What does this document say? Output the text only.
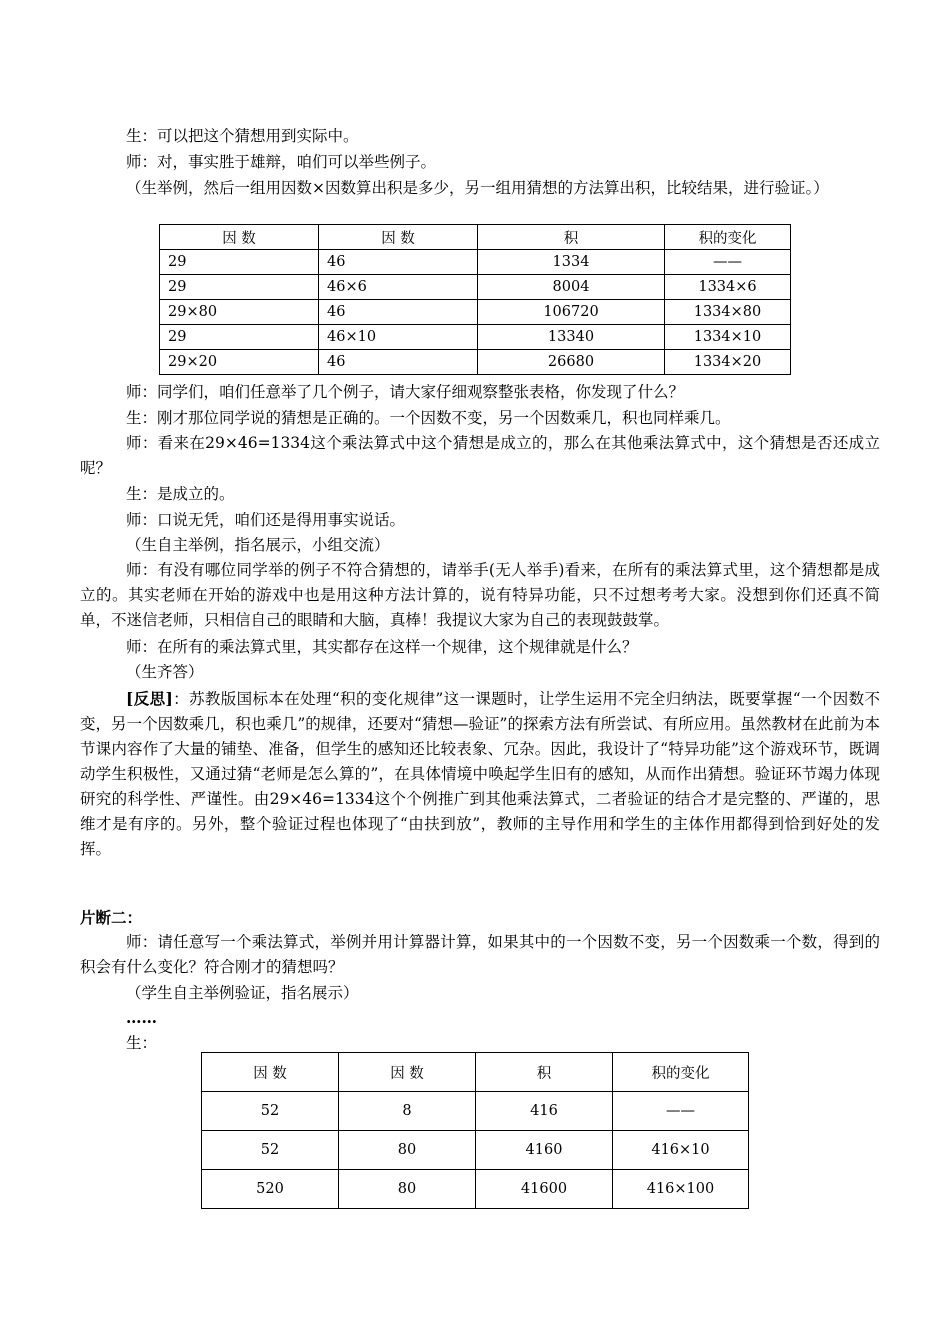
生：可以把这个猜想用到实际中。

师：对，事实胜于雄辩，咱们可以举些例子。

（生举例，然后一组用因数×因数算出积是多少，另一组用猜想的方法算出积，比较结果，进行验证。）

因 数	因 数	积	积的变化
29	46	1334	——
29	46×6	8004	1334×6
29×80	46	106720	1334×80
29	46×10	13340	1334×10
29×20	46	26680	1334×20

师：同学们，咱们任意举了几个例子，请大家仔细观察整张表格，你发现了什么？

生：刚才那位同学说的猜想是正确的。一个因数不变，另一个因数乘几，积也同样乘几。

师：看来在29×46=1334这个乘法算式中这个猜想是成立的，那么在其他乘法算式中，这个猜想是否还成立呢？

生：是成立的。

师：口说无凭，咱们还是得用事实说话。

（生自主举例，指名展示，小组交流）

师：有没有哪位同学举的例子不符合猜想的，请举手(无人举手)看来，在所有的乘法算式里，这个猜想都是成立的。其实老师在开始的游戏中也是用这种方法计算的，说有特异功能，只不过想考考大家。没想到你们还真不简单，不迷信老师，只相信自己的眼睛和大脑，真棒！我提议大家为自己的表现鼓鼓掌。

师：在所有的乘法算式里，其实都存在这样一个规律，这个规律就是什么？

（生齐答）

[反思]：苏教版国标本在处理“积的变化规律”这一课题时，让学生运用不完全归纳法，既要掌握“一个因数不变，另一个因数乘几，积也乘几”的规律，还要对“猜想—验证”的探索方法有所尝试、有所应用。虽然教材在此前为本节课内容作了大量的铺垫、准备，但学生的感知还比较表象、冗杂。因此，我设计了“特异功能”这个游戏环节，既调动学生积极性，又通过猜“老师是怎么算的”，在具体情境中唤起学生旧有的感知，从而作出猜想。验证环节竭力体现研究的科学性、严谨性。由29×46=1334这个个例推广到其他乘法算式，二者验证的结合才是完整的、严谨的，思维才是有序的。另外，整个验证过程也体现了“由扶到放”，教师的主导作用和学生的主体作用都得到恰到好处的发挥。

片断二：

师：请任意写一个乘法算式，举例并用计算器计算，如果其中的一个因数不变，另一个因数乘一个数，得到的积会有什么变化？符合刚才的猜想吗？

（学生自主举例验证，指名展示）

……

生：

因 数	因 数	积	积的变化
52	8	416	——
52	80	4160	416×10
520	80	41600	416×100
